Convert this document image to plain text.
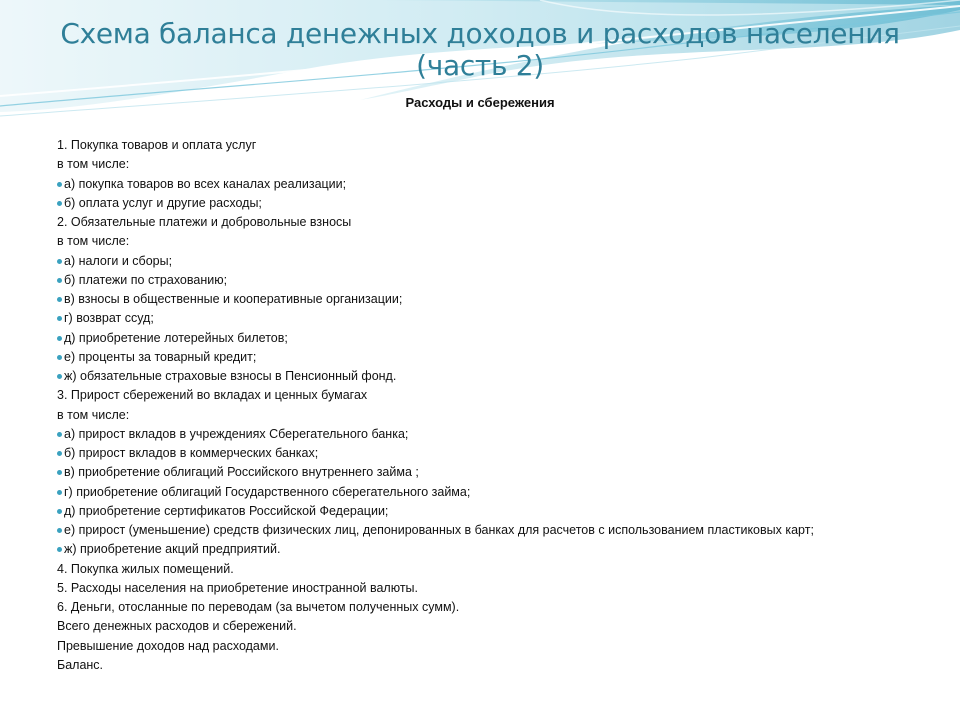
Схема баланса денежных доходов и расходов населения (часть 2)
Расходы и сбережения
1. Покупка товаров и оплата услуг
в том числе:
а) покупка товаров во всех каналах реализации;
б) оплата услуг и другие расходы;
2. Обязательные платежи и добровольные взносы
в том числе:
а) налоги и сборы;
б) платежи по страхованию;
в) взносы в общественные и кооперативные организации;
г) возврат ссуд;
д) приобретение лотерейных билетов;
е) проценты за товарный кредит;
ж) обязательные страховые взносы в Пенсионный фонд.
3. Прирост сбережений во вкладах и ценных бумагах
в том числе:
а) прирост вкладов в учреждениях Сберегательного банка;
б) прирост вкладов в коммерческих банках;
в) приобретение облигаций Российского внутреннего займа ;
г) приобретение облигаций Государственного сберегательного займа;
д) приобретение сертификатов Российской Федерации;
е) прирост (уменьшение) средств физических лиц, депонированных в банках для расчетов с использованием пластиковых карт;
ж) приобретение акций предприятий.
4. Покупка жилых помещений.
5. Расходы населения на приобретение иностранной валюты.
6. Деньги, отосланные по переводам (за вычетом полученных сумм).
Всего денежных расходов и сбережений.
Превышение доходов над расходами.
Баланс.
